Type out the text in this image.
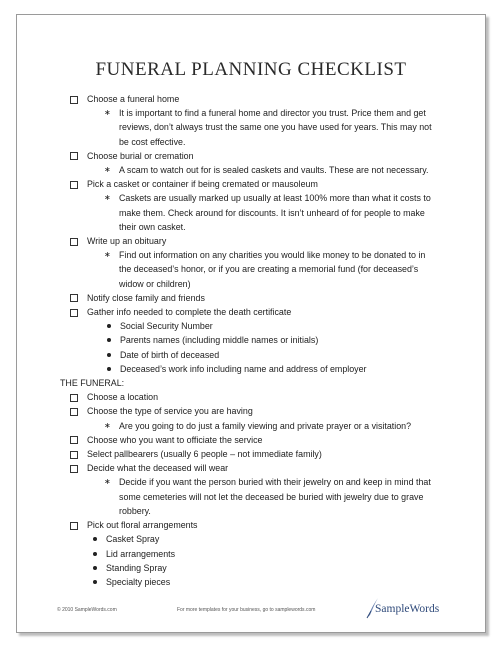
FUNERAL PLANNING CHECKLIST
Choose a funeral home
∗ It is important to find a funeral home and director you trust. Price them and get
reviews, don’t always trust the same one you have used for years. This may not
be cost effective.
Choose burial or cremation
∗ A scam to watch out for is sealed caskets and vaults. These are not necessary.
Pick a casket or container if being cremated or mausoleum
∗ Caskets are usually marked up usually at least 100% more than what it costs to
make them. Check around for discounts. It isn’t unheard of for people to make
their own casket.
Write up an obituary
∗ Find out information on any charities you would like money to be donated to in
the deceased’s honor, or if you are creating a memorial fund (for deceased’s
widow or children)
Notify close family and friends
Gather info needed to complete the death certificate
Social Security Number
Parents names (including middle names or initials)
Date of birth of deceased
Deceased’s work info including name and address of employer
THE FUNERAL:
Choose a location
Choose the type of service you are having
∗ Are you going to do just a family viewing and private prayer or a visitation?
Choose who you want to officiate the service
Select pallbearers (usually 6 people – not immediate family)
Decide what the deceased will wear
∗ Decide if you want the person buried with their jewelry on and keep in mind that
some cemeteries will not let the deceased be buried with jewelry due to grave
robbery.
Pick out floral arrangements
Casket Spray
Lid arrangements
Standing Spray
Specialty pieces
© 2010 SampleWords.com	For more templates for your business, go to samplewords.com	SampleWords
